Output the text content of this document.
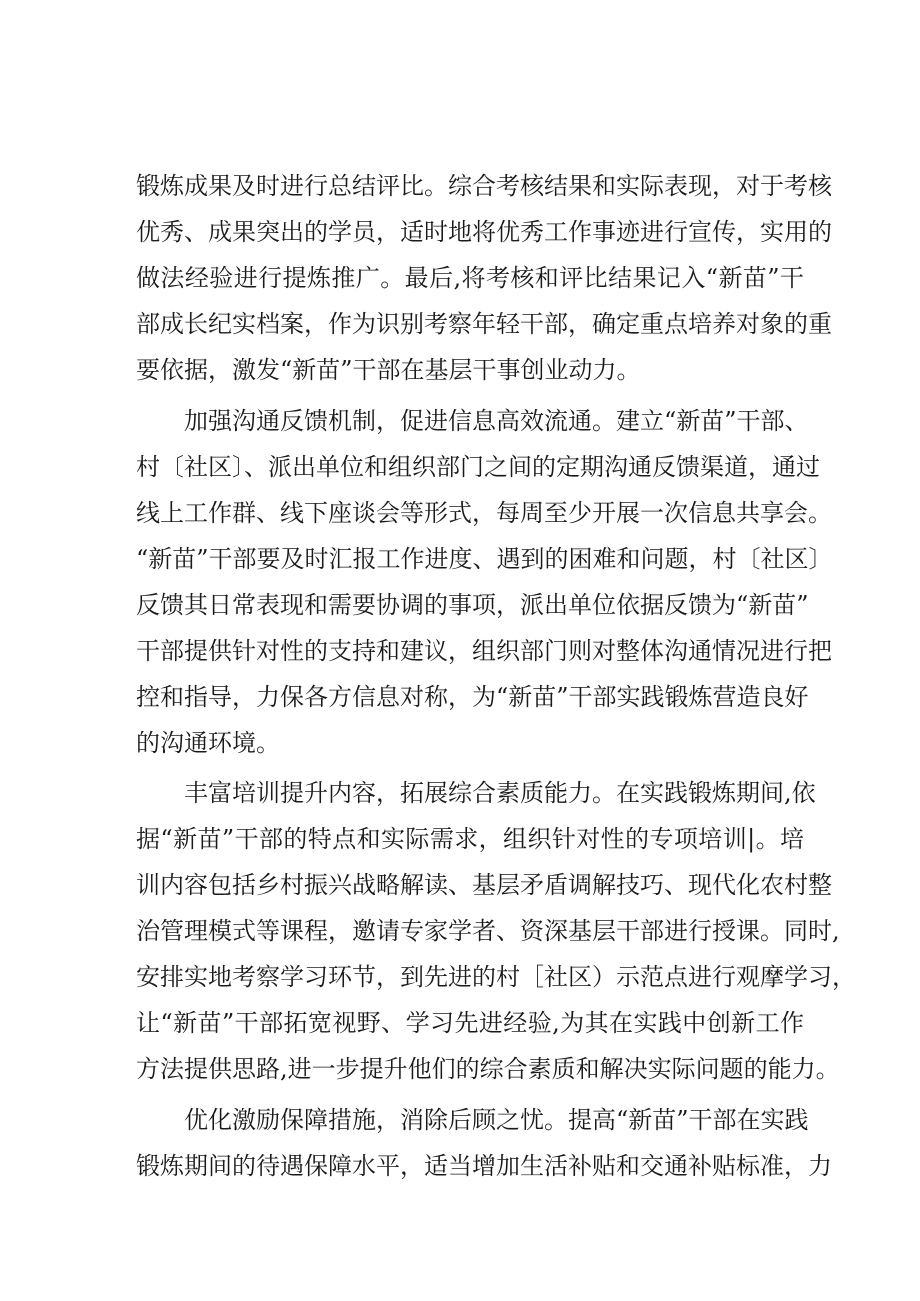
锻炼成果及时进行总结评比。综合考核结果和实际表现，对于考核
优秀、成果突出的学员，适时地将优秀工作事迹进行宣传，实用的
做法经验进行提炼推广。最后,将考核和评比结果记入“新苗”干
部成长纪实档案，作为识别考察年轻干部，确定重点培养对象的重
要依据，激发“新苗”干部在基层干事创业动力。
加强沟通反馈机制，促进信息高效流通。建立“新苗”干部、
村〔社区〕、派出单位和组织部门之间的定期沟通反馈渠道，通过
线上工作群、线下座谈会等形式，每周至少开展一次信息共享会。
“新苗”干部要及时汇报工作进度、遇到的困难和问题，村〔社区〕
反馈其日常表现和需要协调的事项，派出单位依据反馈为“新苗”
干部提供针对性的支持和建议，组织部门则对整体沟通情况进行把
控和指导，力保各方信息对称，为“新苗”干部实践锻炼营造良好
的沟通环境。
丰富培训提升内容，拓展综合素质能力。在实践锻炼期间,依
据“新苗”干部的特点和实际需求，组织针对性的专项培训|。培
训内容包括乡村振兴战略解读、基层矛盾调解技巧、现代化农村整
治管理模式等课程，邀请专家学者、资深基层干部进行授课。同时,
安排实地考察学习环节，到先进的村［社区）示范点进行观摩学习，
让“新苗”干部拓宽视野、学习先进经验,为其在实践中创新工作
方法提供思路,进一步提升他们的综合素质和解决实际问题的能力。
优化激励保障措施，消除后顾之忧。提高“新苗”干部在实践
锻炼期间的待遇保障水平，适当增加生活补贴和交通补贴标准，力
